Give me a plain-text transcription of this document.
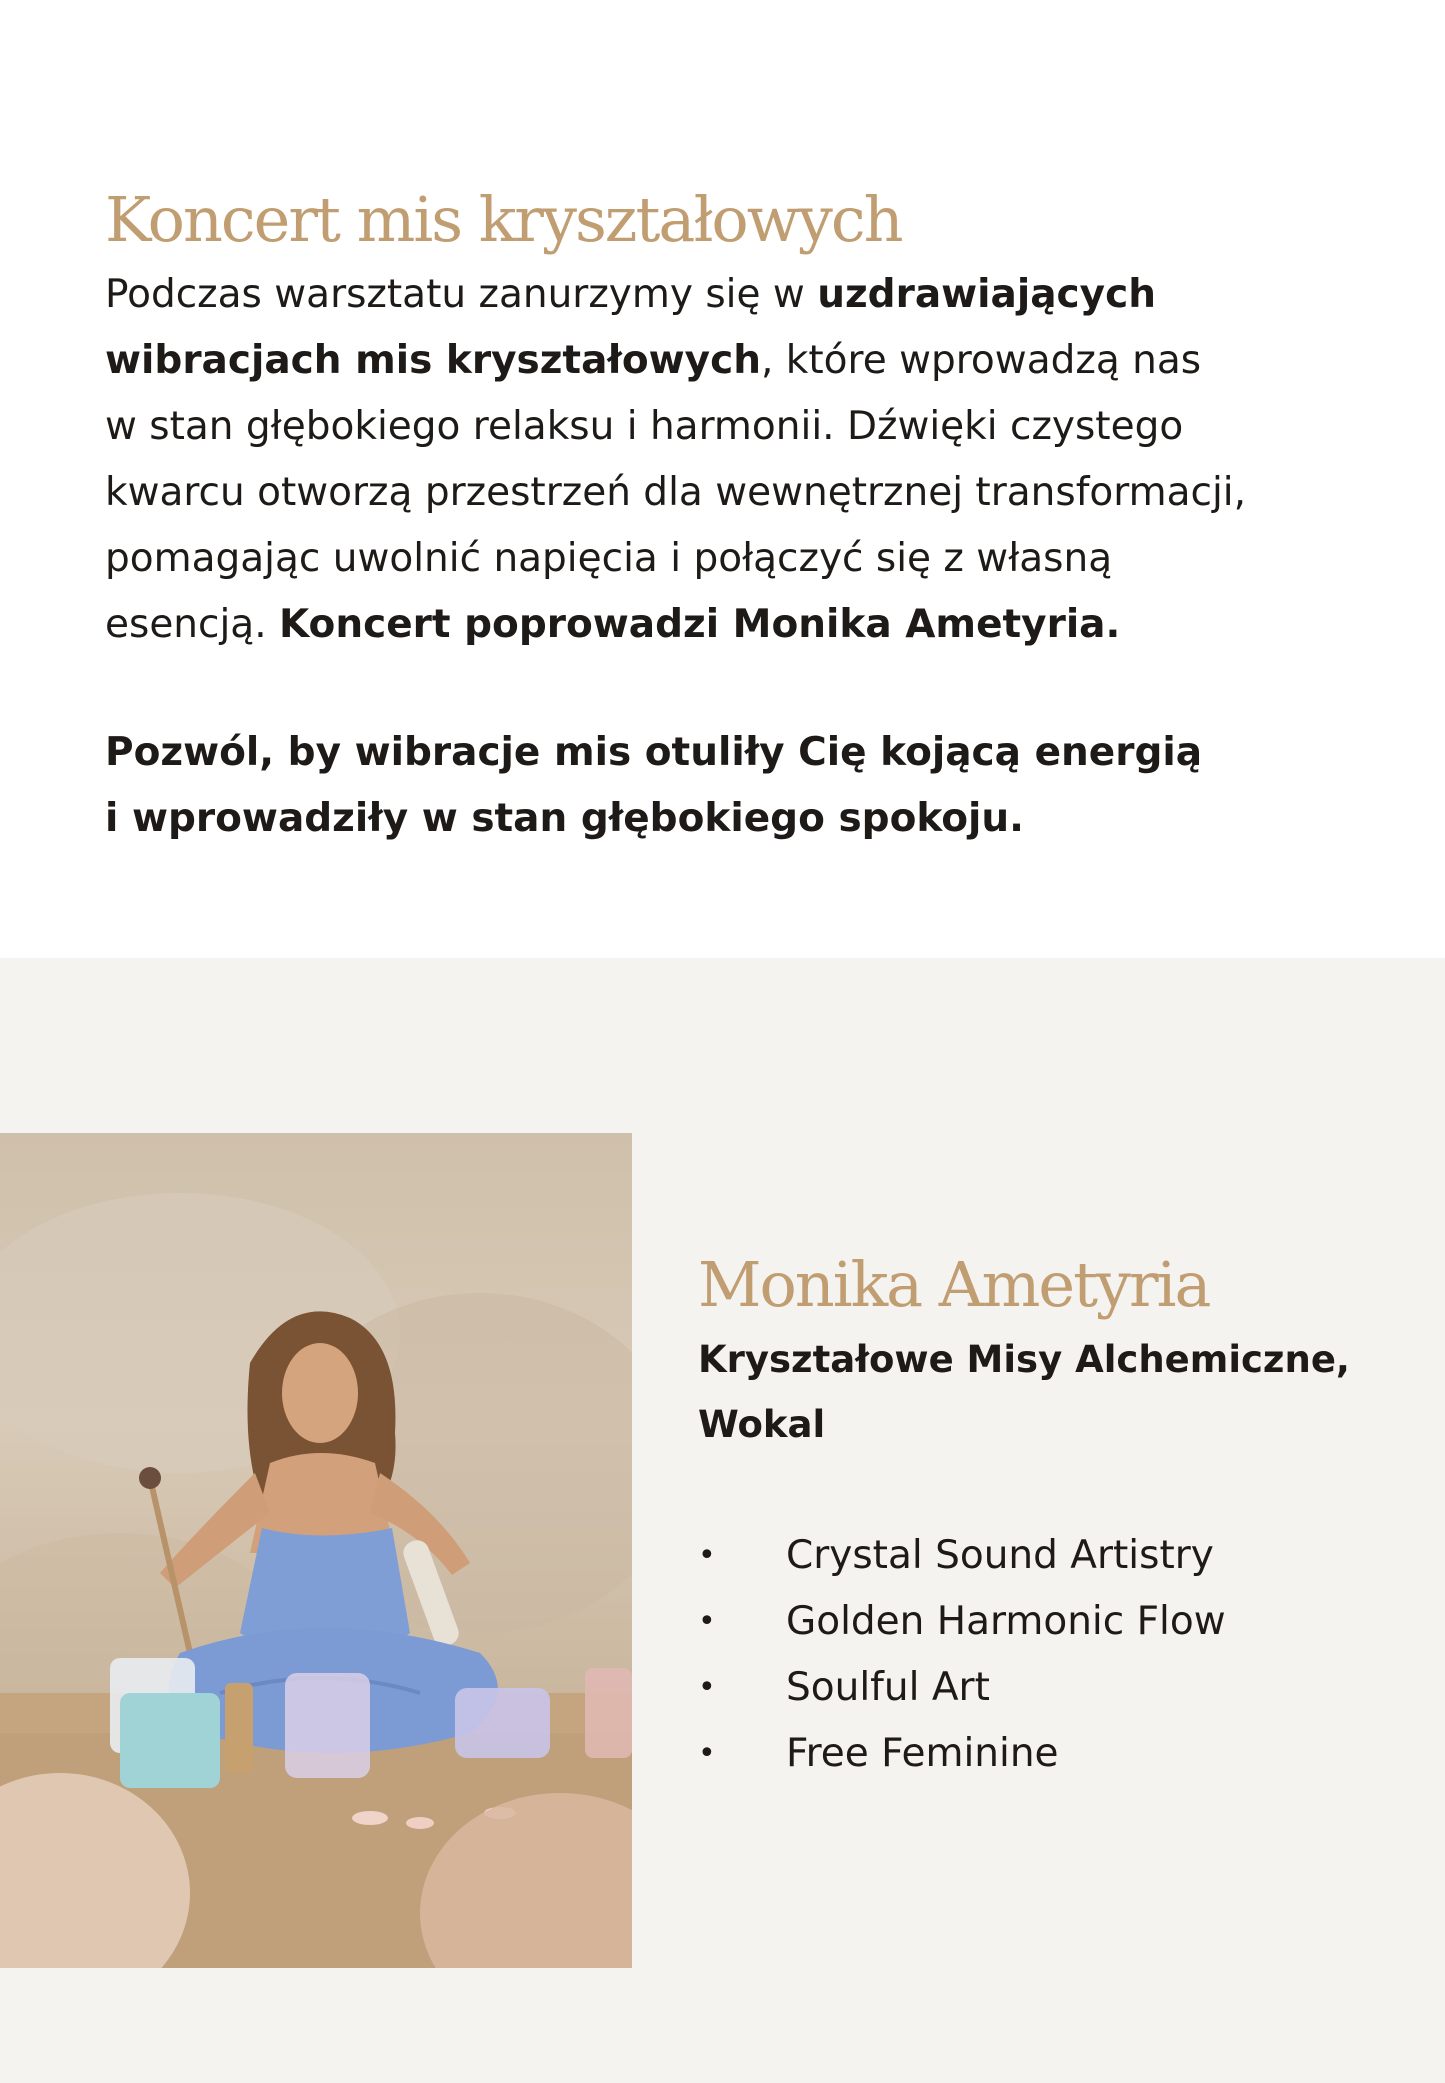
Koncert mis kryształowych

Podczas warsztatu zanurzymy się w uzdrawiających
wibracjach mis kryształowych, które wprowadzą nas
w stan głębokiego relaksu i harmonii. Dźwięki czystego
kwarcu otworzą przestrzeń dla wewnętrznej transformacji,
pomagając uwolnić napięcia i połączyć się z własną
esencją. Koncert poprowadzi Monika Ametyria.

Pozwól, by wibracje mis otuliły Cię kojącą energią
i wprowadziły w stan głębokiego spokoju.

Monika Ametyria

Kryształowe Misy Alchemiczne,
Wokal

• Crystal Sound Artistry
• Golden Harmonic Flow
• Soulful Art
• Free Feminine
